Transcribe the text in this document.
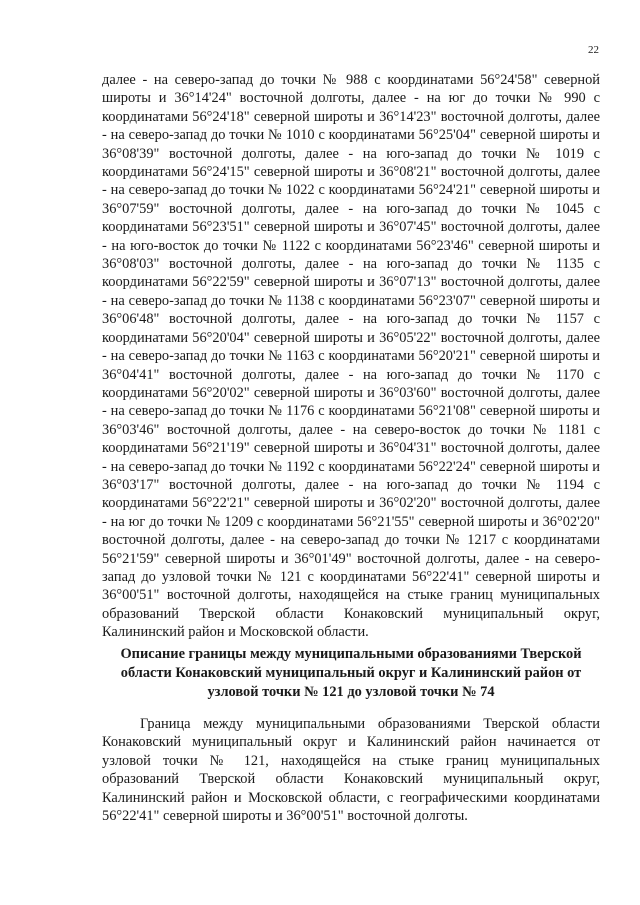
22

далее - на северо-запад до точки № 988 с координатами 56°24'58" северной широты и 36°14'24" восточной долготы, далее - на юг до точки № 990 с координатами 56°24'18" северной широты и 36°14'23" восточной долготы, далее - на северо-запад до точки № 1010 с координатами 56°25'04" северной широты и 36°08'39" восточной долготы, далее - на юго-запад до точки № 1019 с координатами 56°24'15" северной широты и 36°08'21" восточной долготы, далее - на северо-запад до точки № 1022 с координатами 56°24'21" северной широты и 36°07'59" восточной долготы, далее - на юго-запад до точки № 1045 с координатами 56°23'51" северной широты и 36°07'45" восточной долготы, далее - на юго-восток до точки № 1122 с координатами 56°23'46" северной широты и 36°08'03" восточной долготы, далее - на юго-запад до точки № 1135 с координатами 56°22'59" северной широты и 36°07'13" восточной долготы, далее - на северо-запад до точки № 1138 с координатами 56°23'07" северной широты и 36°06'48" восточной долготы, далее - на юго-запад до точки № 1157 с координатами 56°20'04" северной широты и 36°05'22" восточной долготы, далее - на северо-запад до точки № 1163 с координатами 56°20'21" северной широты и 36°04'41" восточной долготы, далее - на юго-запад до точки № 1170 с координатами 56°20'02" северной широты и 36°03'60" восточной долготы, далее - на северо-запад до точки № 1176 с координатами 56°21'08" северной широты и 36°03'46" восточной долготы, далее - на северо-восток до точки № 1181 с координатами 56°21'19" северной широты и 36°04'31" восточной долготы, далее - на северо-запад до точки № 1192 с координатами 56°22'24" северной широты и 36°03'17" восточной долготы, далее - на юго-запад до точки № 1194 с координатами 56°22'21" северной широты и 36°02'20" восточной долготы, далее - на юг до точки № 1209 с координатами 56°21'55" северной широты и 36°02'20" восточной долготы, далее - на северо-запад до точки № 1217 с координатами 56°21'59" северной широты и 36°01'49" восточной долготы, далее - на северо-запад до узловой точки № 121 с координатами 56°22'41" северной широты и 36°00'51" восточной долготы, находящейся на стыке границ муниципальных образований Тверской области Конаковский муниципальный округ, Калининский район и Московской области.

Описание границы между муниципальными образованиями Тверской области Конаковский муниципальный округ и Калининский район от узловой точки № 121 до узловой точки № 74

Граница между муниципальными образованиями Тверской области Конаковский муниципальный округ и Калининский район начинается от узловой точки № 121, находящейся на стыке границ муниципальных образований Тверской области Конаковский муниципальный округ, Калининский район и Московской области, с географическими координатами 56°22'41" северной широты и 36°00'51" восточной долготы.
